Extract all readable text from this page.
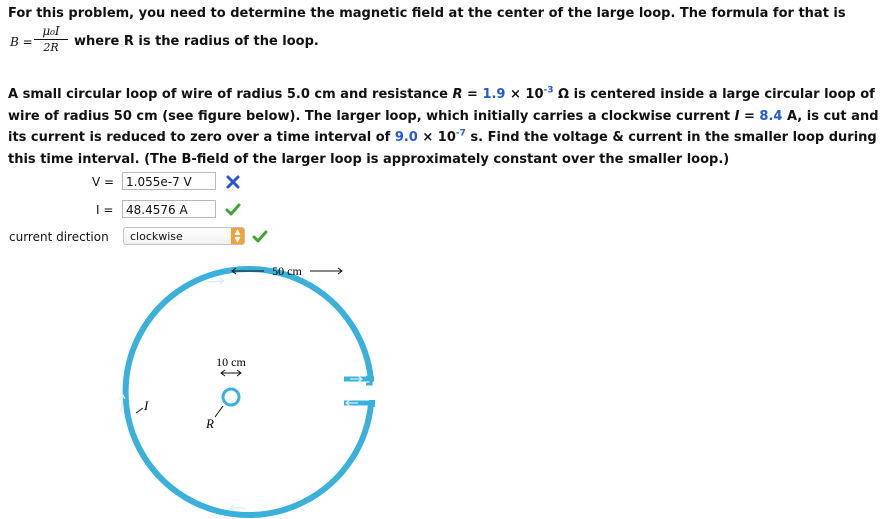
For this problem, you need to determine the magnetic field at the center of the large loop. The formula for that is
$B = \frac{\text{μ₀I}}{2R}$ where R is the radius of the loop.
A small circular loop of wire of radius 5.0 cm and resistance $R = 1.9 \times 10^{-3}$ Ω is centered inside a large circular loop of wire of radius 50 cm (see figure below). The larger loop, which initially carries a clockwise current I = 8.4 A, is cut and its current is reduced to zero over a time interval of $9.0 \times 10^{-7}$ s. Find the voltage & current in the smaller loop during this time interval. (The B-field of the larger loop is approximately constant over the smaller loop.)
V = 1.055e-7 V
I =	48.4576 A
current direction	clockwise	▲
▼
50 cm
10 cm
I
R
